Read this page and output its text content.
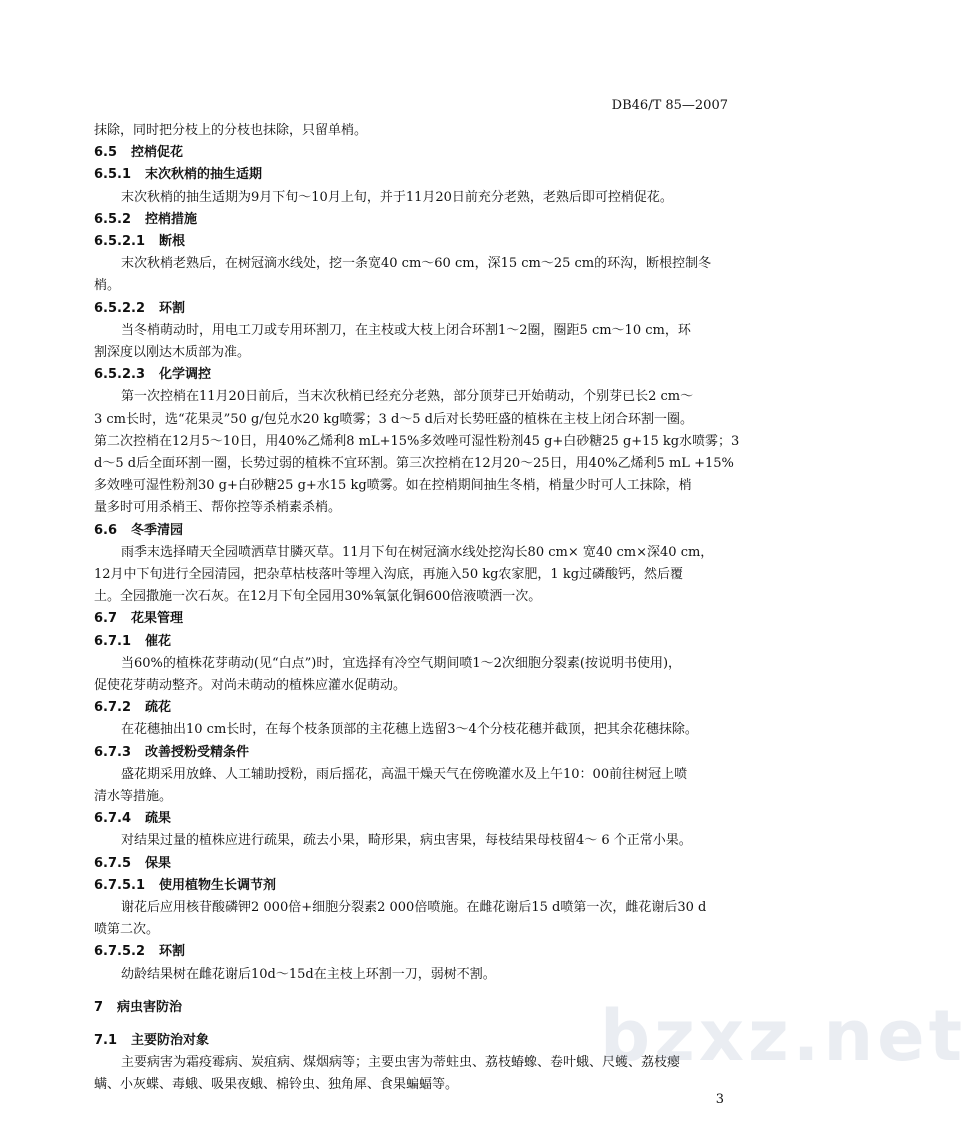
DB46/T 85—2007
抹除，同时把分枝上的分枝也抹除，只留单梢。
6.5 控梢促花
6.5.1 末次秋梢的抽生适期
末次秋梢的抽生适期为9月下旬～10月上旬，并于11月20日前充分老熟，老熟后即可控梢促花。
6.5.2 控梢措施
6.5.2.1 断根
末次秋梢老熟后，在树冠滴水线处，挖一条宽40 cm～60 cm，深15 cm～25 cm的环沟，断根控制冬
梢。
6.5.2.2 环割
当冬梢萌动时，用电工刀或专用环割刀，在主枝或大枝上闭合环割1～2圈，圈距5 cm～10 cm，环
割深度以刚达木质部为准。
6.5.2.3 化学调控
第一次控梢在11月20日前后，当末次秋梢已经充分老熟，部分顶芽已开始萌动，个别芽已长2 cm～
3 cm长时，选“花果灵”50 g/包兑水20 kg喷雾；3 d～5 d后对长势旺盛的植株在主枝上闭合环割一圈。
第二次控梢在12月5～10日，用40%乙烯利8 mL+15%多效唑可湿性粉剂45 g+白砂糖25 g+15 kg水喷雾；3
d～5 d后全面环割一圈，长势过弱的植株不宜环割。第三次控梢在12月20～25日，用40%乙烯利5 mL +15%
多效唑可湿性粉剂30 g+白砂糖25 g+水15 kg喷雾。如在控梢期间抽生冬梢，梢量少时可人工抹除，梢
量多时可用杀梢王、帮你控等杀梢素杀梢。
6.6 冬季清园
雨季末选择晴天全园喷洒草甘膦灭草。11月下旬在树冠滴水线处挖沟长80 cm× 宽40 cm×深40 cm，
12月中下旬进行全园清园，把杂草枯枝落叶等埋入沟底，再施入50 kg农家肥，1 kg过磷酸钙，然后覆
土。全园撒施一次石灰。在12月下旬全园用30%氧氯化铜600倍液喷洒一次。
6.7 花果管理
6.7.1 催花
当60%的植株花芽萌动(见“白点”)时，宜选择有冷空气期间喷1～2次细胞分裂素(按说明书使用)，
促使花芽萌动整齐。对尚未萌动的植株应灌水促萌动。
6.7.2 疏花
在花穗抽出10 cm长时，在每个枝条顶部的主花穗上选留3～4个分枝花穗并截顶，把其余花穗抹除。
6.7.3 改善授粉受精条件
盛花期采用放蜂、人工辅助授粉，雨后摇花，高温干燥天气在傍晚灌水及上午10：00前往树冠上喷
清水等措施。
6.7.4 疏果
对结果过量的植株应进行疏果，疏去小果，畸形果，病虫害果，每枝结果母枝留4～ 6 个正常小果。
6.7.5 保果
6.7.5.1 使用植物生长调节剂
谢花后应用核苷酸磷钾2 000倍+细胞分裂素2 000倍喷施。在雌花谢后15 d喷第一次，雌花谢后30 d
喷第二次。
6.7.5.2 环割
幼龄结果树在雌花谢后10d～15d在主枝上环割一刀，弱树不割。
7 病虫害防治
7.1 主要防治对象
主要病害为霜疫霉病、炭疽病、煤烟病等；主要虫害为蒂蛀虫、荔枝蝽蟓、卷叶蛾、尺蠖、荔枝瘿
螨、小灰蝶、毒蛾、吸果夜蛾、棉铃虫、独角犀、食果蝙蝠等。
bzxz.net
3
